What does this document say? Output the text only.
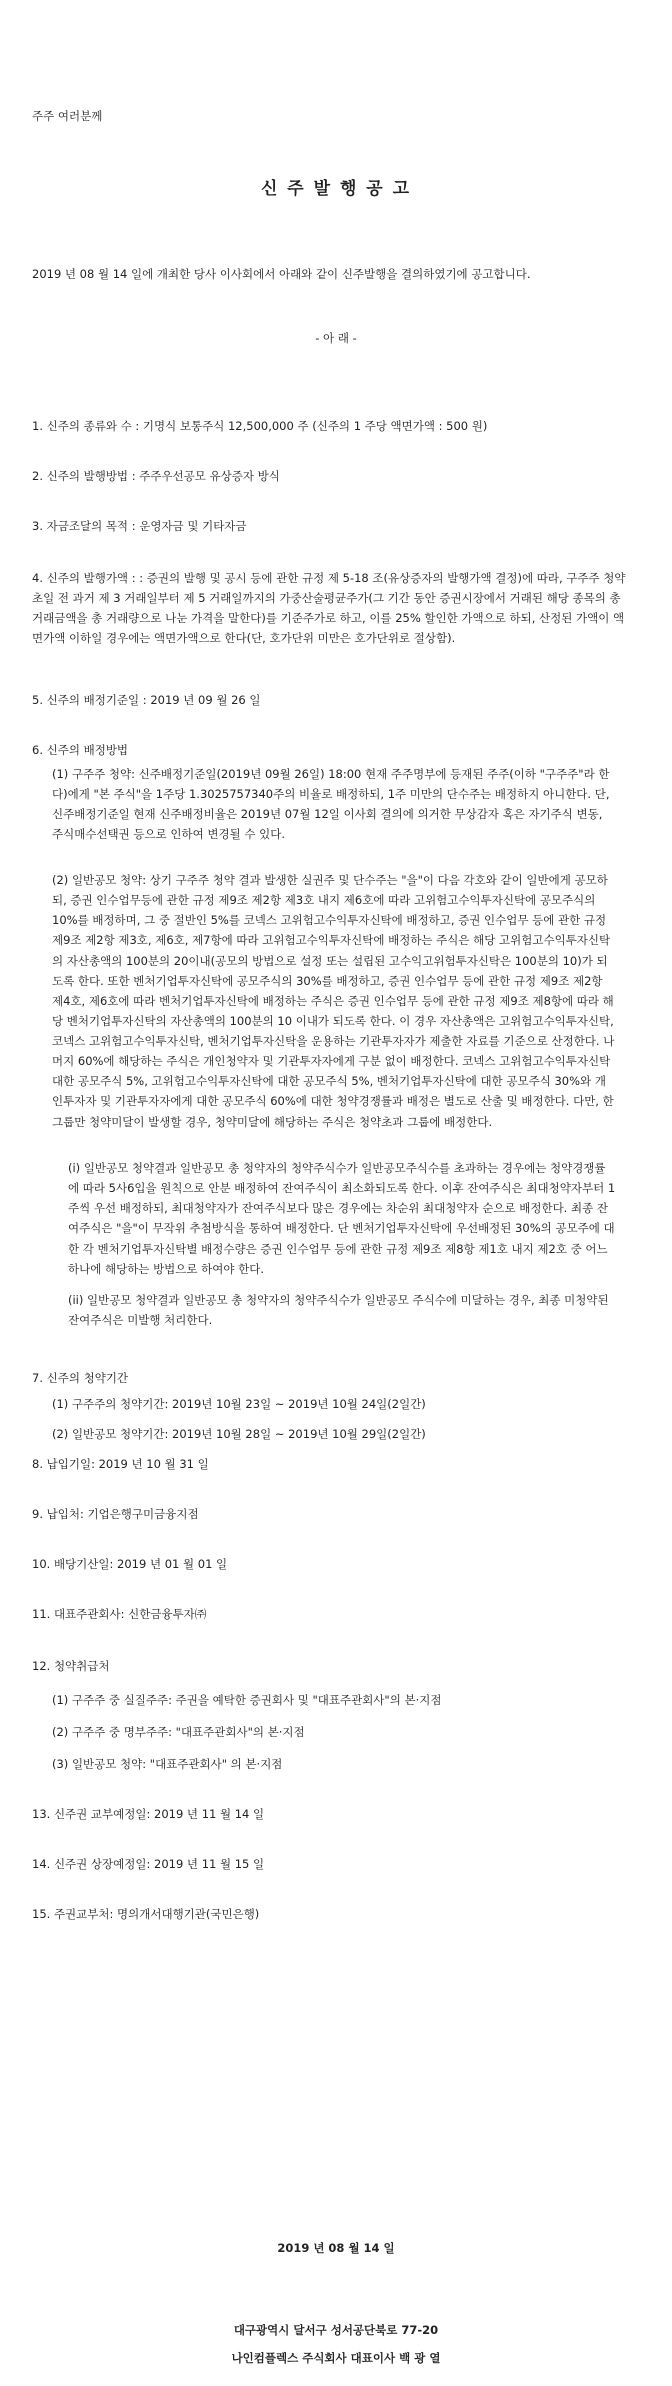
주주 여러분께
신 주 발 행 공 고
2019 년 08 월 14 일에 개최한 당사 이사회에서 아래와 같이 신주발행을 결의하였기에 공고합니다.
- 아 래 -
1. 신주의 종류와 수 : 기명식 보통주식 12,500,000 주 (신주의 1 주당 액면가액 : 500 원)
2. 신주의 발행방법 : 주주우선공모 유상증자 방식
3. 자금조달의 목적 : 운영자금 및 기타자금
4. 신주의 발행가액 : : 증권의 발행 및 공시 등에 관한 규정 제 5-18 조(유상증자의 발행가액 결정)에 따라, 구주주 청약초일 전 과거 제 3 거래일부터 제 5 거래일까지의 가중산술평균주가(그 기간 동안 증권시장에서 거래된 해당 종목의 총 거래금액을 총 거래량으로 나눈 가격을 말한다)를 기준주가로 하고, 이를 25% 할인한 가액으로 하되, 산정된 가액이 액면가액 이하일 경우에는 액면가액으로 한다(단, 호가단위 미만은 호가단위로 절상함).
5. 신주의 배정기준일 : 2019 년 09 월 26 일
6. 신주의 배정방법
(1) 구주주 청약: 신주배정기준일(2019년 09월 26일) 18:00 현재 주주명부에 등재된 주주(이하 "구주주"라 한다)에게 "본 주식"을 1주당 1.3025757340주의 비율로 배정하되, 1주 미만의 단수주는 배정하지 아니한다. 단, 신주배정기준일 현재 신주배정비율은 2019년 07월 12일 이사회 결의에 의거한 무상감자 혹은 자기주식 변동, 주식매수선택권 등으로 인하여 변경될 수 있다.
(2) 일반공모 청약: 상기 구주주 청약 결과 발생한 실권주 및 단수주는 "을"이 다음 각호와 같이 일반에게 공모하되, 증권 인수업무등에 관한 규정 제9조 제2항 제3호 내지 제6호에 따라 고위험고수익투자신탁에 공모주식의 10%를 배정하며, 그 중 절반인 5%를 코넥스 고위험고수익투자신탁에 배정하고, 증권 인수업무 등에 관한 규정 제9조 제2항 제3호, 제6호, 제7항에 따라 고위험고수익투자신탁에 배정하는 주식은 해당 고위험고수익투자신탁의 자산총액의 100분의 20이내(공모의 방법으로 설정 또는 설립된 고수익고위험투자신탁은 100분의 10)가 되도록 한다. 또한 벤처기업투자신탁에 공모주식의 30%를 배정하고, 증권 인수업무 등에 관한 규정 제9조 제2항 제4호, 제6호에 따라 벤처기업투자신탁에 배정하는 주식은 증권 인수업무 등에 관한 규정 제9조 제8항에 따라 해당 벤처기업투자신탁의 자산총액의 100분의 10 이내가 되도록 한다. 이 경우 자산총액은 고위험고수익투자신탁, 코넥스 고위험고수익투자신탁, 벤처기업투자신탁을 운용하는 기관투자자가 제출한 자료를 기준으로 산정한다. 나머지 60%에 해당하는 주식은 개인청약자 및 기관투자자에게 구분 없이 배정한다. 코넥스 고위험고수익투자신탁 대한 공모주식 5%, 고위험고수익투자신탁에 대한 공모주식 5%, 벤처기업투자신탁에 대한 공모주식 30%와 개인투자자 및 기관투자자에게 대한 공모주식 60%에 대한 청약경쟁률과 배정은 별도로 산출 및 배정한다. 다만, 한 그룹만 청약미달이 발생할 경우, 청약미달에 해당하는 주식은 청약초과 그룹에 배정한다.
(i) 일반공모 청약결과 일반공모 총 청약자의 청약주식수가 일반공모주식수를 초과하는 경우에는 청약경쟁률에 따라 5사6입을 원칙으로 안분 배정하여 잔여주식이 최소화되도록 한다. 이후 잔여주식은 최대청약자부터 1주씩 우선 배정하되, 최대청약자가 잔여주식보다 많은 경우에는 차순위 최대청약자 순으로 배정한다. 최종 잔여주식은 "을"이 무작위 추첨방식을 통하여 배정한다. 단 벤처기업투자신탁에 우선배정된 30%의 공모주에 대한 각 벤처기업투자신탁별 배정수량은 증권 인수업무 등에 관한 규정 제9조 제8항 제1호 내지 제2호 중 어느 하나에 해당하는 방법으로 하여야 한다.
(ii) 일반공모 청약결과 일반공모 총 청약자의 청약주식수가 일반공모 주식수에 미달하는 경우, 최종 미청약된 잔여주식은 미발행 처리한다.
7. 신주의 청약기간
(1) 구주주의 청약기간: 2019년 10월 23일 ~ 2019년 10월 24일(2일간)
(2) 일반공모 청약기간: 2019년 10월 28일 ~ 2019년 10월 29일(2일간)
8. 납입기일: 2019 년 10 월 31 일
9. 납입처: 기업은행구미금융지점
10. 배당기산일: 2019 년 01 월 01 일
11. 대표주관회사: 신한금융투자㈜
12. 청약취급처
(1) 구주주 중 실질주주: 주권을 예탁한 증권회사 및 "대표주관회사"의 본·지점
(2) 구주주 중 명부주주: "대표주관회사"의 본·지점
(3) 일반공모 청약: "대표주관회사" 의 본·지점
13. 신주권 교부예정일: 2019 년 11 월 14 일
14. 신주권 상장예정일: 2019 년 11 월 15 일
15. 주권교부처: 명의개서대행기관(국민은행)
2019 년 08 월 14 일
대구광역시 달서구 성서공단북로 77-20
나인컴플렉스 주식회사 대표이사 백 광 열
